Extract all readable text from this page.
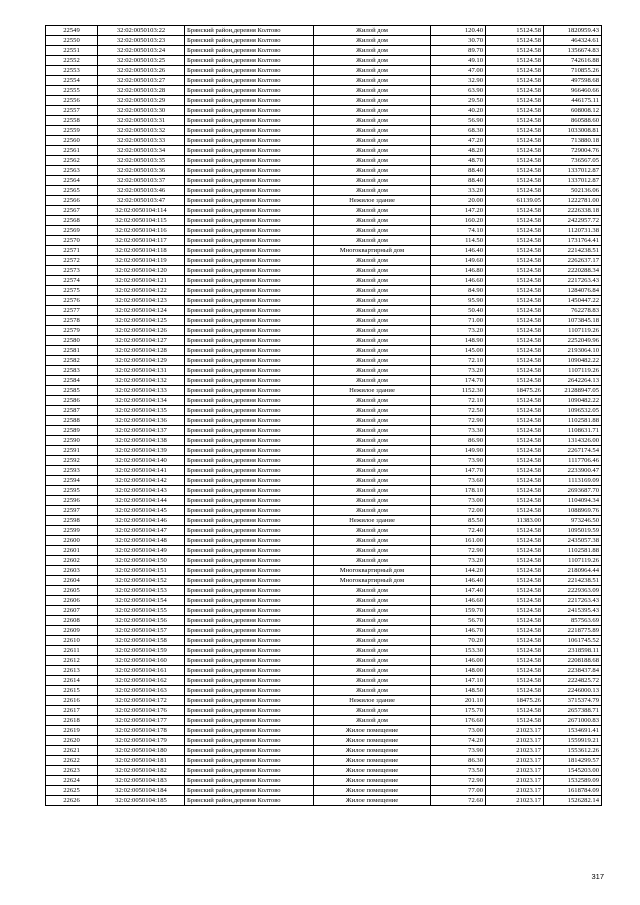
22549	32:02:0050103:22	Брянский район,деревня Колтово	Жилой дом	120.40	15124.58	1820959.43
22550	32:02:0050103:23	Брянский район,деревня Колтово	Жилой дом	30.70	15124.58	464324.61
22551	32:02:0050103:24	Брянский район,деревня Колтово	Жилой дом	89.70	15124.58	1356674.83
22552	32:02:0050103:25	Брянский район,деревня Колтово	Жилой дом	49.10	15124.58	742616.88
22553	32:02:0050103:26	Брянский район,деревня Колтово	Жилой дом	47.00	15124.58	710855.26
22554	32:02:0050103:27	Брянский район,деревня Колтово	Жилой дом	32.90	15124.58	497598.68
22555	32:02:0050103:28	Брянский район,деревня Колтово	Жилой дом	63.90	15124.58	966460.66
22556	32:02:0050103:29	Брянский район,деревня Колтово	Жилой дом	29.50	15124.58	446175.11
22557	32:02:0050103:30	Брянский район,деревня Колтово	Жилой дом	40.20	15124.58	608008.12
22558	32:02:0050103:31	Брянский район,деревня Колтово	Жилой дом	56.90	15124.58	860588.60
22559	32:02:0050103:32	Брянский район,деревня Колтово	Жилой дом	68.30	15124.58	1033008.81
22560	32:02:0050103:33	Брянский район,деревня Колтово	Жилой дом	47.20	15124.58	713880.18
22561	32:02:0050103:34	Брянский район,деревня Колтово	Жилой дом	48.20	15124.58	729004.76
22562	32:02:0050103:35	Брянский район,деревня Колтово	Жилой дом	48.70	15124.58	736567.05
22563	32:02:0050103:36	Брянский район,деревня Колтово	Жилой дом	88.40	15124.58	1337012.87
22564	32:02:0050103:37	Брянский район,деревня Колтово	Жилой дом	88.40	15124.58	1337012.87
22565	32:02:0050103:46	Брянский район,деревня Колтово	Жилой дом	33.20	15124.58	502136.06
22566	32:02:0050103:47	Брянский район,деревня Колтово	Нежилое здание	20.00	61139.05	1222781.00
22567	32:02:0050104:114	Брянский район,деревня Колтово	Жилой дом	147.20	15124.58	2226338.18
22568	32:02:0050104:115	Брянский район,деревня Колтово	Жилой дом	160.20	15124.58	2422957.72
22569	32:02:0050104:116	Брянский район,деревня Колтово	Жилой дом	74.10	15124.58	1120731.38
22570	32:02:0050104:117	Брянский район,деревня Колтово	Жилой дом	114.50	15124.58	1731764.41
22571	32:02:0050104:118	Брянский район,деревня Колтово	Многоквартирный дом	146.40	15124.58	2214238.51
22572	32:02:0050104:119	Брянский район,деревня Колтово	Жилой дом	149.60	15124.58	2262637.17
22573	32:02:0050104:120	Брянский район,деревня Колтово	Жилой дом	146.80	15124.58	2220288.34
22574	32:02:0050104:121	Брянский район,деревня Колтово	Жилой дом	146.60	15124.58	2217263.43
22575	32:02:0050104:122	Брянский район,деревня Колтово	Жилой дом	84.90	15124.58	1284076.84
22576	32:02:0050104:123	Брянский район,деревня Колтово	Жилой дом	95.90	15124.58	1450447.22
22577	32:02:0050104:124	Брянский район,деревня Колтово	Жилой дом	50.40	15124.58	762278.83
22578	32:02:0050104:125	Брянский район,деревня Колтово	Жилой дом	71.00	15124.58	1073845.18
22579	32:02:0050104:126	Брянский район,деревня Колтово	Жилой дом	73.20	15124.58	1107119.26
22580	32:02:0050104:127	Брянский район,деревня Колтово	Жилой дом	148.90	15124.58	2252049.96
22581	32:02:0050104:128	Брянский район,деревня Колтово	Жилой дом	145.00	15124.58	2193064.10
22582	32:02:0050104:129	Брянский район,деревня Колтово	Жилой дом	72.10	15124.58	1090482.22
22583	32:02:0050104:131	Брянский район,деревня Колтово	Жилой дом	73.20	15124.58	1107119.26
22584	32:02:0050104:132	Брянский район,деревня Колтово	Жилой дом	174.70	15124.58	2642264.13
22585	32:02:0050104:133	Брянский район,деревня Колтово	Нежилое здание	1152.30	18475.26	21288947.05
22586	32:02:0050104:134	Брянский район,деревня Колтово	Жилой дом	72.10	15124.58	1090482.22
22587	32:02:0050104:135	Брянский район,деревня Колтово	Жилой дом	72.50	15124.58	1096532.05
22588	32:02:0050104:136	Брянский район,деревня Колтово	Жилой дом	72.90	15124.58	1102581.88
22589	32:02:0050104:137	Брянский район,деревня Колтово	Жилой дом	73.30	15124.58	1108631.71
22590	32:02:0050104:138	Брянский район,деревня Колтово	Жилой дом	86.90	15124.58	1314326.00
22591	32:02:0050104:139	Брянский район,деревня Колтово	Жилой дом	149.90	15124.58	2267174.54
22592	32:02:0050104:140	Брянский район,деревня Колтово	Жилой дом	73.90	15124.58	1117706.46
22593	32:02:0050104:141	Брянский район,деревня Колтово	Жилой дом	147.70	15124.58	2233900.47
22594	32:02:0050104:142	Брянский район,деревня Колтово	Жилой дом	73.60	15124.58	1113169.09
22595	32:02:0050104:143	Брянский район,деревня Колтово	Жилой дом	178.10	15124.58	2693687.70
22596	32:02:0050104:144	Брянский район,деревня Колтово	Жилой дом	73.00	15124.58	1104094.34
22597	32:02:0050104:145	Брянский район,деревня Колтово	Жилой дом	72.00	15124.58	1088969.76
22598	32:02:0050104:146	Брянский район,деревня Колтово	Нежилое здание	85.50	11383.00	973246.50
22599	32:02:0050104:147	Брянский район,деревня Колтово	Жилой дом	72.40	15124.58	1095019.59
22600	32:02:0050104:148	Брянский район,деревня Колтово	Жилой дом	161.00	15124.58	2435057.38
22601	32:02:0050104:149	Брянский район,деревня Колтово	Жилой дом	72.90	15124.58	1102581.88
22602	32:02:0050104:150	Брянский район,деревня Колтово	Жилой дом	73.20	15124.58	1107119.26
22603	32:02:0050104:151	Брянский район,деревня Колтово	Многоквартирный дом	144.20	15124.58	2180964.44
22604	32:02:0050104:152	Брянский район,деревня Колтово	Многоквартирный дом	146.40	15124.58	2214238.51
22605	32:02:0050104:153	Брянский район,деревня Колтово	Жилой дом	147.40	15124.58	2229363.09
22606	32:02:0050104:154	Брянский район,деревня Колтово	Жилой дом	146.60	15124.58	2217263.43
22607	32:02:0050104:155	Брянский район,деревня Колтово	Жилой дом	159.70	15124.58	2415395.43
22608	32:02:0050104:156	Брянский район,деревня Колтово	Жилой дом	56.70	15124.58	857563.69
22609	32:02:0050104:157	Брянский район,деревня Колтово	Жилой дом	146.70	15124.58	2218775.89
22610	32:02:0050104:158	Брянский район,деревня Колтово	Жилой дом	70.20	15124.58	1061745.52
22611	32:02:0050104:159	Брянский район,деревня Колтово	Жилой дом	153.30	15124.58	2318598.11
22612	32:02:0050104:160	Брянский район,деревня Колтово	Жилой дом	146.00	15124.58	2208188.68
22613	32:02:0050104:161	Брянский район,деревня Колтово	Жилой дом	148.00	15124.58	2238437.84
22614	32:02:0050104:162	Брянский район,деревня Колтово	Жилой дом	147.10	15124.58	2224825.72
22615	32:02:0050104:163	Брянский район,деревня Колтово	Жилой дом	148.50	15124.58	2246000.13
22616	32:02:0050104:172	Брянский район,деревня Колтово	Нежилое здание	201.10	18475.26	3715374.79
22617	32:02:0050104:176	Брянский район,деревня Колтово	Жилой дом	175.70	15124.58	2657388.71
22618	32:02:0050104:177	Брянский район,деревня Колтово	Жилой дом	176.60	15124.58	2671000.83
22619	32:02:0050104:178	Брянский район,деревня Колтово	Жилое помещение	73.00	21023.17	1534691.41
22620	32:02:0050104:179	Брянский район,деревня Колтово	Жилое помещение	74.20	21023.17	1559919.21
22621	32:02:0050104:180	Брянский район,деревня Колтово	Жилое помещение	73.90	21023.17	1553612.26
22622	32:02:0050104:181	Брянский район,деревня Колтово	Жилое помещение	86.30	21023.17	1814299.57
22623	32:02:0050104:182	Брянский район,деревня Колтово	Жилое помещение	73.50	21023.17	1545203.00
22624	32:02:0050104:183	Брянский район,деревня Колтово	Жилое помещение	72.90	21023.17	1532589.09
22625	32:02:0050104:184	Брянский район,деревня Колтово	Жилое помещение	77.00	21023.17	1618784.09
22626	32:02:0050104:185	Брянский район,деревня Колтово	Жилое помещение	72.60	21023.17	1526282.14
317
